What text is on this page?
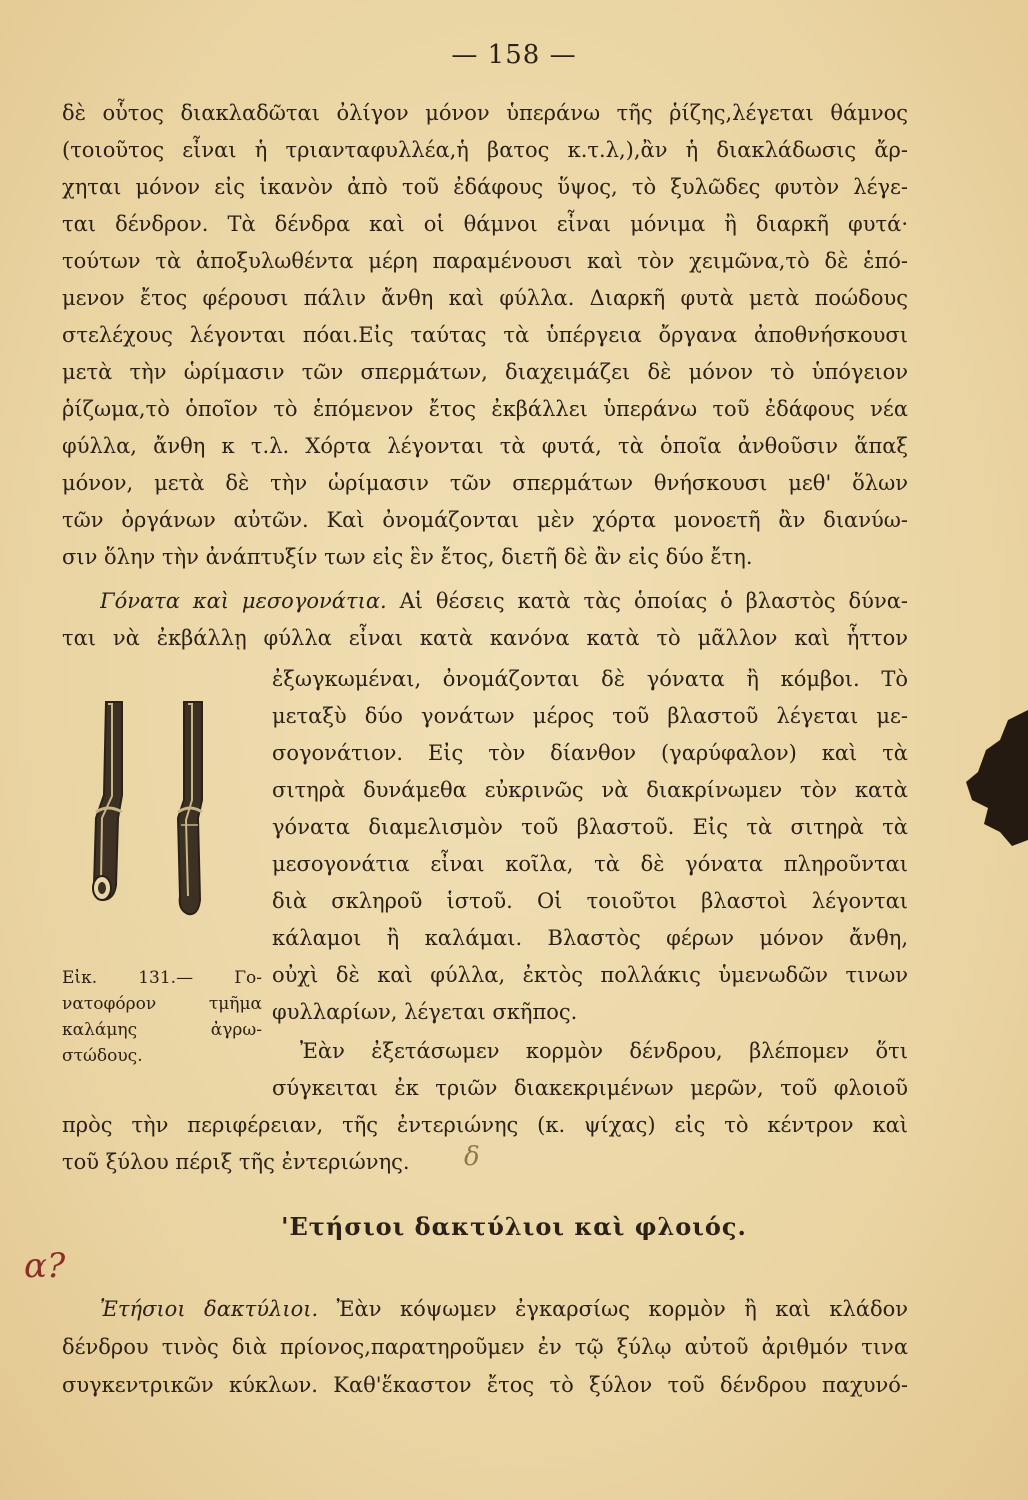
— 158 —
δὲ οὗτος διακλαδῶται ὀλίγον μόνον ὑπεράνω τῆς ῥίζης,λέγεται θάμνος
(τοιοῦτος εἶναι ἡ τριανταφυλλέα,ἡ βατος κ.τ.λ,),ἂν ἡ διακλάδωσις ἄρ-
χηται μόνον εἰς ἱκανὸν ἀπὸ τοῦ ἐδάφους ὕψος, τὸ ξυλῶδες φυτὸν λέγε-
ται δένδρον. Τὰ δένδρα καὶ οἱ θάμνοι εἶναι μόνιμα ἢ διαρκῆ φυτά·
τούτων τὰ ἀποξυλωθέντα μέρη παραμένουσι καὶ τὸν χειμῶνα,τὸ δὲ ἑπό-
μενον ἔτος φέρουσι πάλιν ἄνθη καὶ φύλλα. Διαρκῆ φυτὰ μετὰ ποώδους
στελέχους λέγονται πόαι.Εἰς ταύτας τὰ ὑπέργεια ὄργανα ἀποθνήσκουσι
μετὰ τὴν ὡρίμασιν τῶν σπερμάτων, διαχειμάζει δὲ μόνον τὸ ὑπόγειον
ῥίζωμα,τὸ ὁποῖον τὸ ἑπόμενον ἔτος ἐκβάλλει ὑπεράνω τοῦ ἐδάφους νέα
φύλλα, ἄνθη κ τ.λ. Χόρτα λέγονται τὰ φυτά, τὰ ὁποῖα ἀνθοῦσιν ἅπαξ
μόνον, μετὰ δὲ τὴν ὡρίμασιν τῶν σπερμάτων θνήσκουσι μεθ' ὅλων
τῶν ὀργάνων αὐτῶν. Καὶ ὀνομάζονται μὲν χόρτα μονοετῆ ἂν διανύω-
σιν ὅλην τὴν ἀνάπτυξίν των εἰς ἓν ἔτος, διετῆ δὲ ἂν εἰς δύο ἔτη.
Γόνατα καὶ μεσογονάτια. Αἱ θέσεις κατὰ τὰς ὁποίας ὁ βλαστὸς δύνα-
ται νὰ ἐκβάλλῃ φύλλα εἶναι κατὰ κανόνα κατὰ τὸ μᾶλλον καὶ ἧττον
ἐξωγκωμέναι, ὀνομάζονται δὲ γόνατα ἢ κόμβοι. Τὸ
μεταξὺ δύο γονάτων μέρος τοῦ βλαστοῦ λέγεται με-
σογονάτιον. Εἰς τὸν δίανθον (γαρύφαλον) καὶ τὰ
σιτηρὰ δυνάμεθα εὐκρινῶς νὰ διακρίνωμεν τὸν κατὰ
γόνατα διαμελισμὸν τοῦ βλαστοῦ. Εἰς τὰ σιτηρὰ τὰ
μεσογονάτια εἶναι κοῖλα, τὰ δὲ γόνατα πληροῦνται
διὰ σκληροῦ ἱστοῦ. Οἱ τοιοῦτοι βλαστοὶ λέγονται
κάλαμοι ἢ καλάμαι. Βλαστὸς φέρων μόνον ἄνθη,
οὐχὶ δὲ καὶ φύλλα, ἐκτὸς πολλάκις ὑμενωδῶν τινων
φυλλαρίων, λέγεται σκῆπος.
Ἐὰν ἐξετάσωμεν κορμὸν δένδρου, βλέπομεν ὅτι
σύγκειται ἐκ τριῶν διακεκριμένων μερῶν, τοῦ φλοιοῦ
Εἰκ. 131.— Γο-
νατοφόρον τμῆμα
καλάμης ἀγρω-
στώδους.
πρὸς τὴν περιφέρειαν, τῆς ἐντεριώνης (κ. ψίχας) εἰς τὸ κέντρον καὶ
τοῦ ξύλου πέριξ τῆς ἐντεριώνης.	δ
'Ετήσιοι δακτύλιοι καὶ φλοιός.
α?
Ἐτήσιοι δακτύλιοι. Ἐὰν κόψωμεν ἐγκαρσίως κορμὸν ἢ καὶ κλάδον
δένδρου τινὸς διὰ πρίονος,παρατηροῦμεν ἐν τῷ ξύλῳ αὐτοῦ ἀριθμόν τινα
συγκεντρικῶν κύκλων. Καθ'ἕκαστον ἔτος τὸ ξύλον τοῦ δένδρου παχυνό-
